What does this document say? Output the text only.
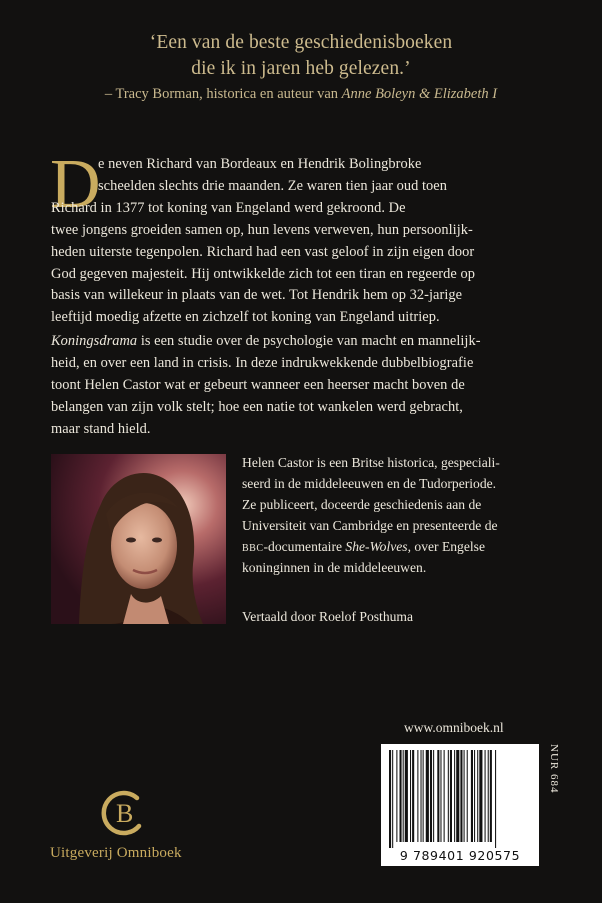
‘Een van de beste geschiedenisboeken
die ik in jaren heb gelezen.’
– Tracy Borman, historica en auteur van Anne Boleyn & Elizabeth I
D
e neven Richard van Bordeaux en Hendrik Bolingbroke
scheelden slechts drie maanden. Ze waren tien jaar oud toen
Richard in 1377 tot koning van Engeland werd gekroond. De
twee jongens groeiden samen op, hun levens verweven, hun persoonlijk-
heden uiterste tegenpolen. Richard had een vast geloof in zijn eigen door
God gegeven majesteit. Hij ontwikkelde zich tot een tiran en regeerde op
basis van willekeur in plaats van de wet. Tot Hendrik hem op 32-jarige
leeftijd moedig afzette en zichzelf tot koning van Engeland uitriep.
Koningsdrama is een studie over de psychologie van macht en mannelijk-
heid, en over een land in crisis. In deze indrukwekkende dubbelbiografie
toont Helen Castor wat er gebeurt wanneer een heerser macht boven de
belangen van zijn volk stelt; hoe een natie tot wankelen werd gebracht,
maar stand hield.
Helen Castor is een Britse historica, gespeciali-
seerd in de middeleeuwen en de Tudorperiode.
Ze publiceert, doceerde geschiedenis aan de
Universiteit van Cambridge en presenteerde de
bbc-documentaire She-Wolves, over Engelse
koninginnen in de middeleeuwen.
Vertaald door Roelof Posthuma
www.omniboek.nl
NUR 684
9 789401 920575
B
Uitgeverij Omniboek
